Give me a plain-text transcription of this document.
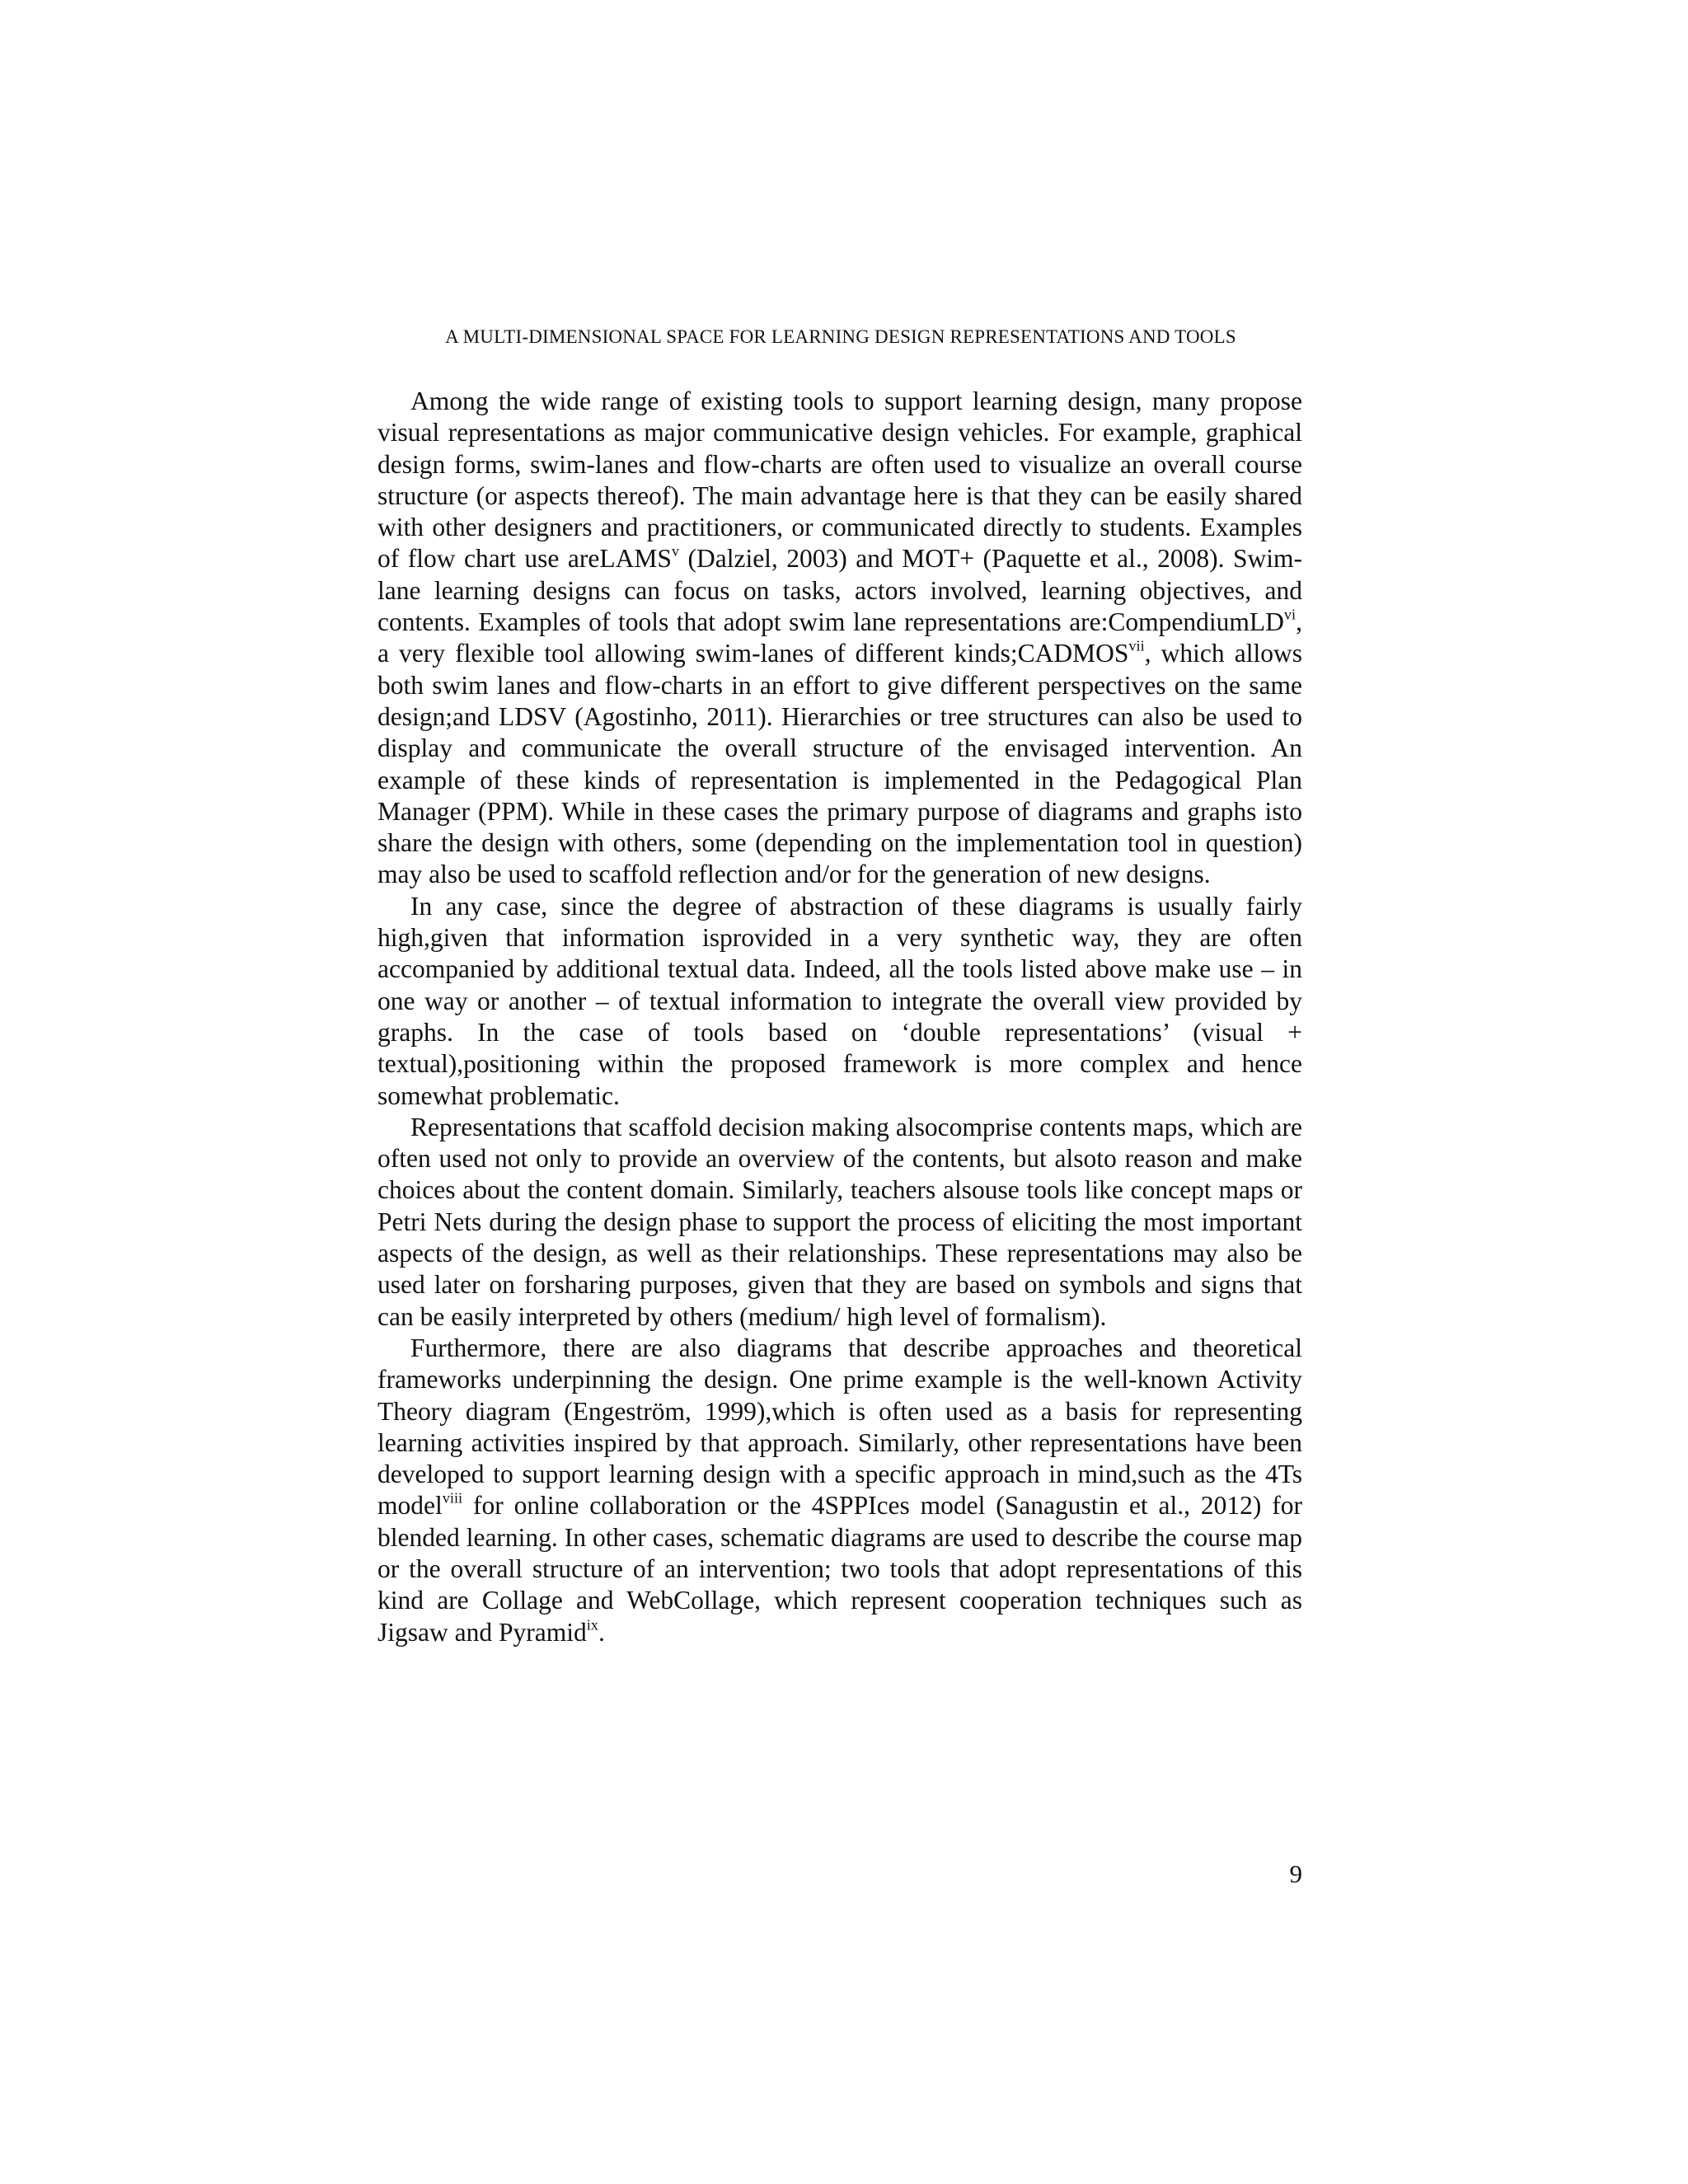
A MULTI-DIMENSIONAL SPACE FOR LEARNING DESIGN REPRESENTATIONS AND TOOLS

Among the wide range of existing tools to support learning design, many propose visual representations as major communicative design vehicles. For example, graphical design forms, swim-lanes and flow-charts are often used to visualize an overall course structure (or aspects thereof). The main advantage here is that they can be easily shared with other designers and practitioners, or communicated directly to students. Examples of flow chart use areLAMS$^v$ (Dalziel, 2003) and MOT+ (Paquette et al., 2008). Swim-lane learning designs can focus on tasks, actors involved, learning objectives, and contents. Examples of tools that adopt swim lane representations are:CompendiumLD$^{vi}$, a very flexible tool allowing swim-lanes of different kinds;CADMOS$^{vii}$, which allows both swim lanes and flow-charts in an effort to give different perspectives on the same design;and LDSV (Agostinho, 2011). Hierarchies or tree structures can also be used to display and communicate the overall structure of the envisaged intervention. An example of these kinds of representation is implemented in the Pedagogical Plan Manager (PPM). While in these cases the primary purpose of diagrams and graphs isto share the design with others, some (depending on the implementation tool in question) may also be used to scaffold reflection and/or for the generation of new designs.

In any case, since the degree of abstraction of these diagrams is usually fairly high,given that information isprovided in a very synthetic way, they are often accompanied by additional textual data. Indeed, all the tools listed above make use – in one way or another – of textual information to integrate the overall view provided by graphs. In the case of tools based on ‘double representations’ (visual + textual),positioning within the proposed framework is more complex and hence somewhat problematic.

Representations that scaffold decision making alsocomprise contents maps, which are often used not only to provide an overview of the contents, but alsoto reason and make choices about the content domain. Similarly, teachers alsouse tools like concept maps or Petri Nets during the design phase to support the process of eliciting the most important aspects of the design, as well as their relationships. These representations may also be used later on forsharing purposes, given that they are based on symbols and signs that can be easily interpreted by others (medium/ high level of formalism).

Furthermore, there are also diagrams that describe approaches and theoretical frameworks underpinning the design. One prime example is the well-known Activity Theory diagram (Engeström, 1999),which is often used as a basis for representing learning activities inspired by that approach. Similarly, other representations have been developed to support learning design with a specific approach in mind,such as the 4Ts model$^{viii}$ for online collaboration or the 4SPPIces model (Sanagustin et al., 2012) for blended learning. In other cases, schematic diagrams are used to describe the course map or the overall structure of an intervention; two tools that adopt representations of this kind are Collage and WebCollage, which represent cooperation techniques such as Jigsaw and Pyramid$^{ix}$.

9
